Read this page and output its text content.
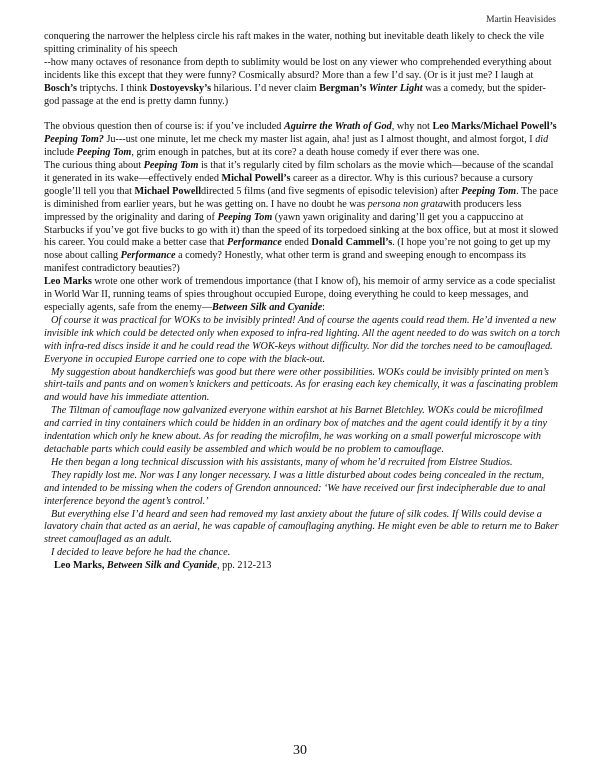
Martin Heavisides

conquering the narrower the helpless circle his raft makes in the water, nothing but inevitable death likely to check the vile spitting criminality of his speech

--how many octaves of resonance from depth to sublimity would be lost on any viewer who comprehended everything about incidents like this except that they were funny? Cosmically absurd? More than a few I’d say. (Or is it just me? I laugh at Bosch’s triptychs. I think Dostoyevsky’s hilarious. I’d never claim Bergman’s Winter Light was a comedy, but the spider-god passage at the end is pretty damn funny.)

The obvious question then of course is: if you’ve included Aguirre the Wrath of God, why not Leo Marks/Michael Powell’s Peeping Tom? Ju---ust one minute, let me check my master list again, aha! just as I almost thought, and almost forgot, I did include Peeping Tom, grim enough in patches, but at its core? a death house comedy if ever there was one.

The curious thing about Peeping Tom is that it’s regularly cited by film scholars as the movie which—because of the scandal it generated in its wake—effectively ended Michal Powell’s career as a director. Why is this curious? because a cursory google’ll tell you that Michael Powelldirected 5 films (and five segments of episodic television) after Peeping Tom. The pace is diminished from earlier years, but he was getting on. I have no doubt he was persona non gratawith producers less impressed by the originality and daring of Peeping Tom (yawn yawn originality and daring’ll get you a cappuccino at Starbucks if you’ve got five bucks to go with it) than the speed of its torpedoed sinking at the box office, but at most it slowed his career. You could make a better case that Performance ended Donald Cammell’s. (I hope you’re not going to get up my nose about calling Performance a comedy? Honestly, what other term is grand and sweeping enough to encompass its manifest contradictory beauties?)

Leo Marks wrote one other work of tremendous importance (that I know of), his memoir of army service as a code specialist in World War II, running teams of spies throughout occupied Europe, doing everything he could to keep messages, and especially agents, safe from the enemy—Between Silk and Cyanide:

Of course it was practical for WOKs to be invisibly printed! And of course the agents could read them. He’d invented a new invisible ink which could be detected only when exposed to infra-red lighting. All the agent needed to do was switch on a torch with infra-red discs inside it and he could read the WOK-keys without difficulty. Nor did the torches need to be camouflaged. Everyone in occupied Europe carried one to cope with the black-out.

My suggestion about handkerchiefs was good but there were other possibilities. WOKs could be invisibly printed on men’s shirt-tails and pants and on women’s knickers and petticoats. As for erasing each key chemically, it was a fascinating problem and would have his immediate attention.

The Tiltman of camouflage now galvanized everyone within earshot at his Barnet Bletchley. WOKs could be microfilmed and carried in tiny containers which could be hidden in an ordinary box of matches and the agent could identify it by a tiny indentation which only he knew about. As for reading the microfilm, he was working on a small powerful microscope with detachable parts which could easily be assembled and which would be no problem to camouflage.

He then began a long technical discussion with his assistants, many of whom he’d recruited from Elstree Studios.

They rapidly lost me. Nor was I any longer necessary. I was a little disturbed about codes being concealed in the rectum, and intended to be missing when the coders of Grendon announced: ‘We have received our first indecipherable due to anal interference beyond the agent’s control.’

But everything else I’d heard and seen had removed my last anxiety about the future of silk codes. If Wills could devise a lavatory chain that acted as an aerial, he was capable of camouflaging anything. He might even be able to return me to Baker street camouflaged as an adult.

I decided to leave before he had the chance.

Leo Marks, Between Silk and Cyanide, pp. 212-213

30
